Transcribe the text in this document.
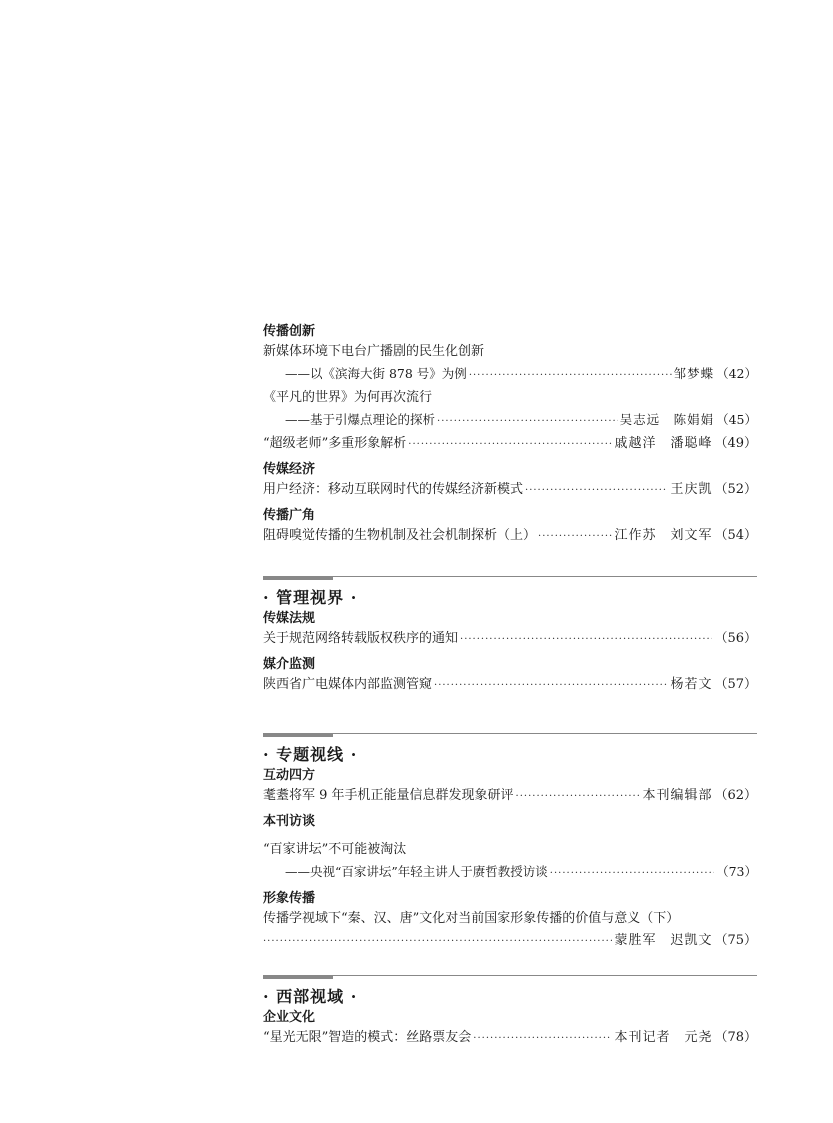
传播创新
新媒体环境下电台广播剧的民生化创新
——以《滨海大街 878 号》为例 ·····	邹梦蝶 （42）
《平凡的世界》为何再次流行
——基于引爆点理论的探析 ·····	吴志远　陈娟娟 （45）
“超级老师”多重形象解析 ·····	戚越洋　潘聪峰 （49）
传媒经济
用户经济：移动互联网时代的传媒经济新模式 ·····	王庆凯 （52）
传播广角
阻碍嗅觉传播的生物机制及社会机制探析（上） ·····	江作苏　刘文军 （54）
· 管理视界 ·
传媒法规
关于规范网络转载版权秩序的通知 ·····	（56）
媒介监测
陕西省广电媒体内部监测管窥 ·····	杨若文 （57）
· 专题视线 ·
互动四方
耄耋将军 9 年手机正能量信息群发现象研评 ·····	本刊编辑部 （62）
本刊访谈
“百家讲坛”不可能被淘汰
——央视“百家讲坛”年轻主讲人于赓哲教授访谈 ·····	（73）
形象传播
传播学视域下“秦、汉、唐”文化对当前国家形象传播的价值与意义（下）
·····
蒙胜军　迟凯文 （75）
· 西部视域 ·
企业文化
“星光无限”智造的模式：丝路票友会 ·····	本刊记者　元尧 （78）
